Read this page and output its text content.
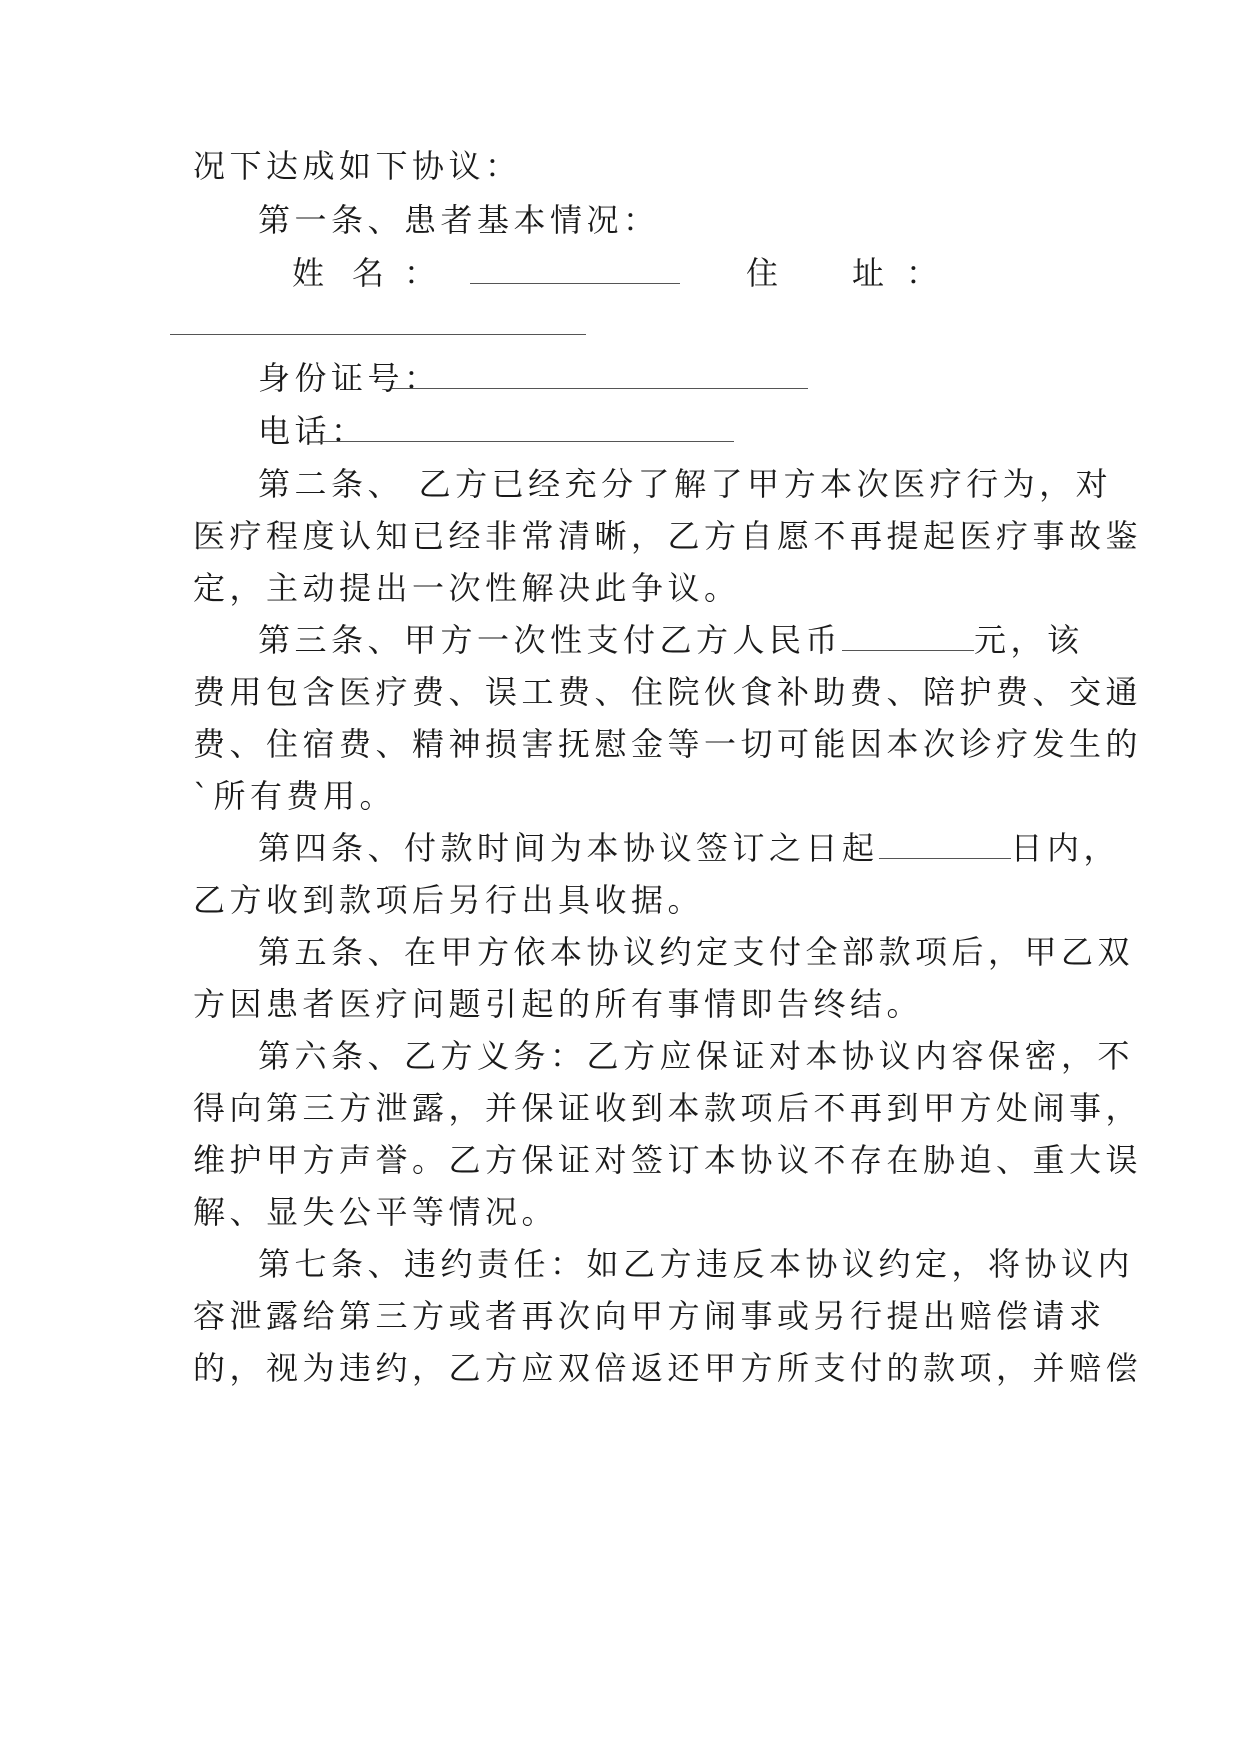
况下达成如下协议：
第一条、患者基本情况：
姓 名 ：	住 址 ：
身份证号：
电话：
第二条、 乙方已经充分了解了甲方本次医疗行为，对
医疗程度认知已经非常清晰，乙方自愿不再提起医疗事故鉴
定，主动提出一次性解决此争议。
第三条、甲方一次性支付乙方人民币	元，该
费用包含医疗费、误工费、住院伙食补助费、陪护费、交通
费、住宿费、精神损害抚慰金等一切可能因本次诊疗发生的
`所有费用。
第四条、付款时间为本协议签订之日起	日内，
乙方收到款项后另行出具收据。
第五条、在甲方依本协议约定支付全部款项后，甲乙双
方因患者医疗问题引起的所有事情即告终结。
第六条、乙方义务：乙方应保证对本协议内容保密，不
得向第三方泄露，并保证收到本款项后不再到甲方处闹事，
维护甲方声誉。乙方保证对签订本协议不存在胁迫、重大误
解、显失公平等情况。
第七条、违约责任：如乙方违反本协议约定，将协议内
容泄露给第三方或者再次向甲方闹事或另行提出赔偿请求
的，视为违约，乙方应双倍返还甲方所支付的款项，并赔偿
